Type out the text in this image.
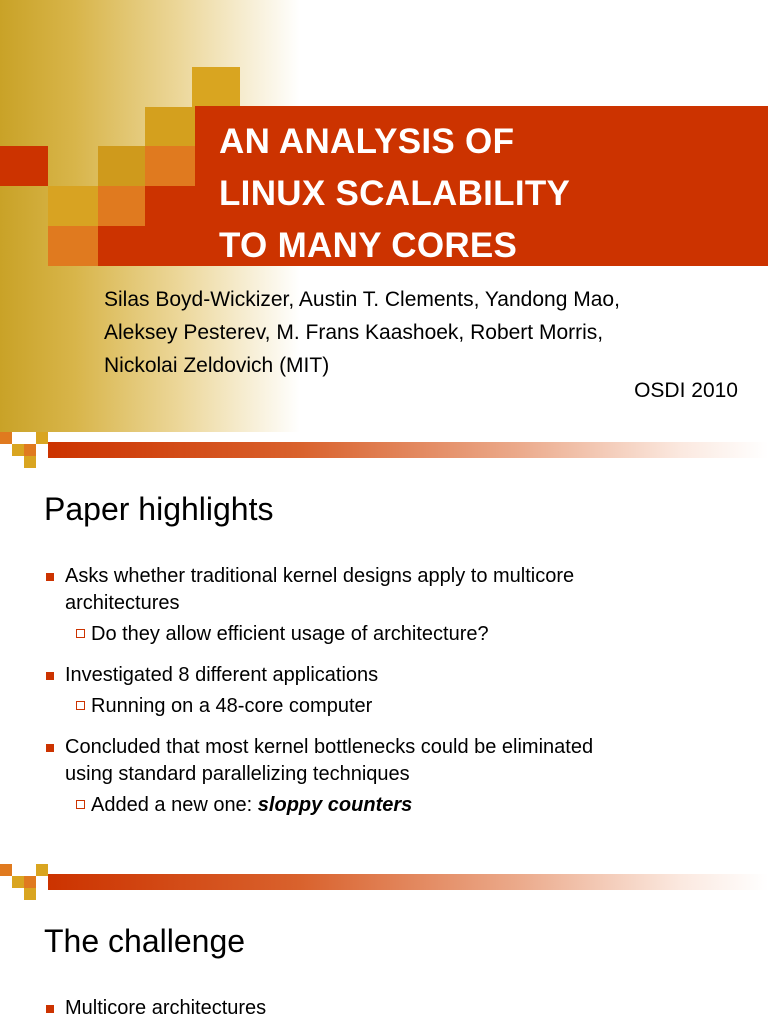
AN ANALYSIS OF
LINUX SCALABILITY
TO MANY CORES
Silas Boyd-Wickizer, Austin T. Clements, Yandong Mao,
Aleksey Pesterev, M. Frans Kaashoek, Robert Morris,
Nickolai Zeldovich (MIT)
OSDI 2010
Paper highlights
Asks whether traditional kernel designs apply to multicore
architectures
Do they allow efficient usage of architecture?
Investigated 8 different applications
Running on a 48-core computer
Concluded that most kernel bottlenecks could be eliminated
using standard parallelizing techniques
Added a new one: sloppy counters
The challenge
Multicore architectures
